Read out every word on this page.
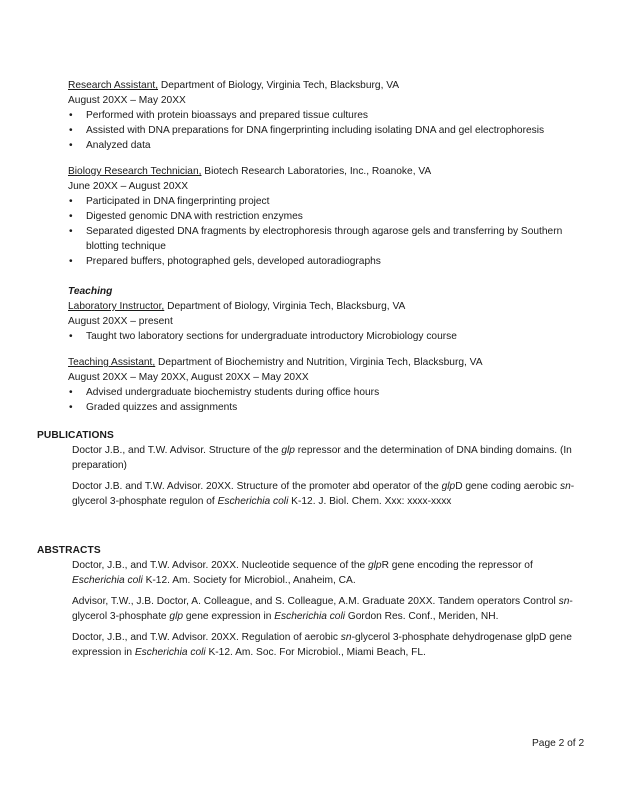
Research Assistant, Department of Biology, Virginia Tech, Blacksburg, VA
August 20XX – May 20XX
• Performed with protein bioassays and prepared tissue cultures
• Assisted with DNA preparations for DNA fingerprinting including isolating DNA and gel electrophoresis
• Analyzed data
Biology Research Technician, Biotech Research Laboratories, Inc., Roanoke, VA
June 20XX – August 20XX
• Participated in DNA fingerprinting project
• Digested genomic DNA with restriction enzymes
• Separated digested DNA fragments by electrophoresis through agarose gels and transferring by Southern blotting technique
• Prepared buffers, photographed gels, developed autoradiographs
Teaching
Laboratory Instructor, Department of Biology, Virginia Tech, Blacksburg, VA
August 20XX – present
• Taught two laboratory sections for undergraduate introductory Microbiology course
Teaching Assistant, Department of Biochemistry and Nutrition, Virginia Tech, Blacksburg, VA
August 20XX – May 20XX, August 20XX – May 20XX
• Advised undergraduate biochemistry students during office hours
• Graded quizzes and assignments
PUBLICATIONS
Doctor J.B., and T.W. Advisor. Structure of the glp repressor and the determination of DNA binding domains. (In preparation)
Doctor J.B. and T.W. Advisor. 20XX. Structure of the promoter abd operator of the glpD gene coding aerobic sn-glycerol 3-phosphate regulon of Escherichia coli K-12. J. Biol. Chem. Xxx: xxxx-xxxx
ABSTRACTS
Doctor, J.B., and T.W. Advisor. 20XX. Nucleotide sequence of the glpR gene encoding the repressor of Escherichia coli K-12. Am. Society for Microbiol., Anaheim, CA.
Advisor, T.W., J.B. Doctor, A. Colleague, and S. Colleague, A.M. Graduate 20XX. Tandem operators Control sn-glycerol 3-phosphate glp gene expression in Escherichia coli Gordon Res. Conf., Meriden, NH.
Doctor, J.B., and T.W. Advisor. 20XX. Regulation of aerobic sn-glycerol 3-phosphate dehydrogenase glpD gene expression in Escherichia coli K-12. Am. Soc. For Microbiol., Miami Beach, FL.
Page 2 of 2
